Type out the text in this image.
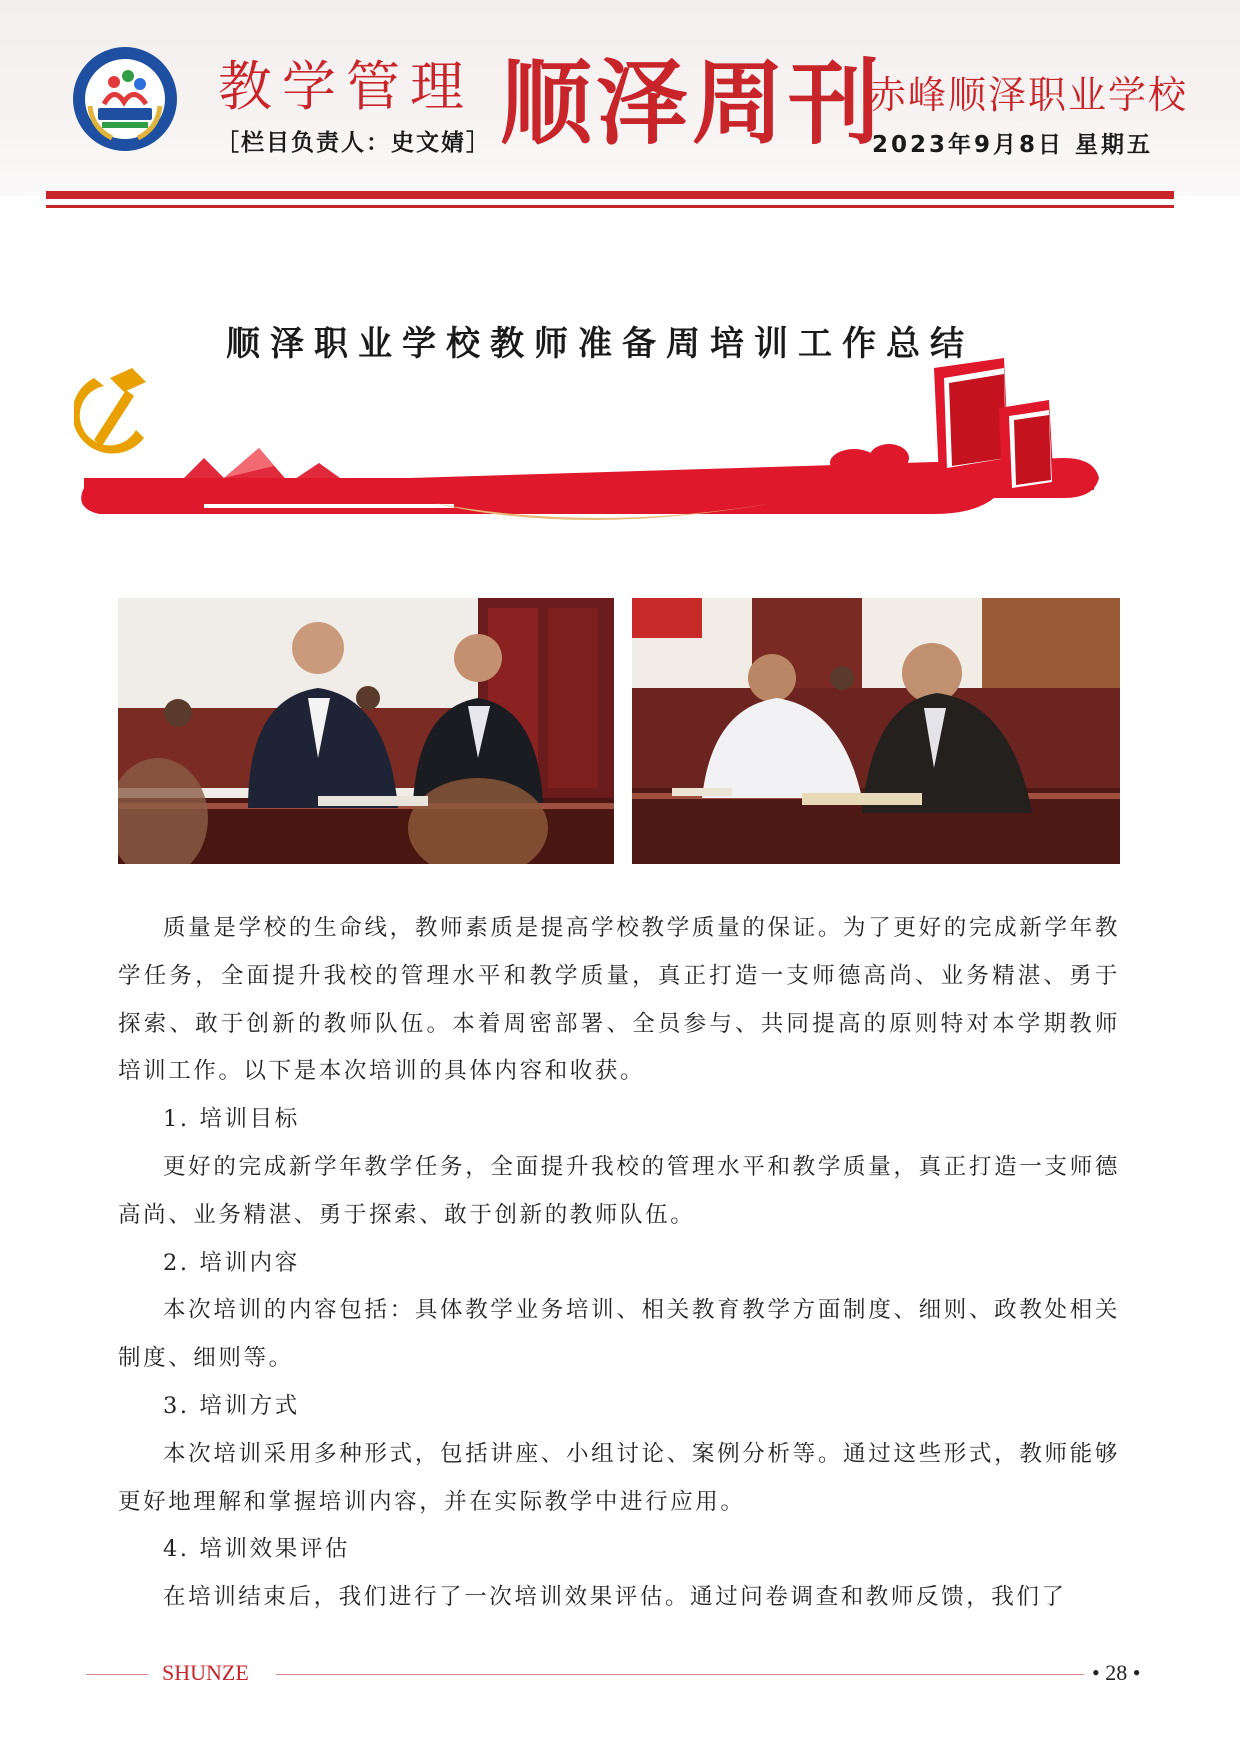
教学管理
［栏目负责人：史文婧］ 顺泽周刊
赤峰顺泽职业学校
2023年9月8日 星期五
顺泽职业学校教师准备周培训工作总结

质量是学校的生命线，教师素质是提高学校教学质量的保证。为了更好的完成新学年教学任务，全面提升我校的管理水平和教学质量，真正打造一支师德高尚、业务精湛、勇于探索、敢于创新的教师队伍。本着周密部署、全员参与、共同提高的原则特对本学期教师培训工作。以下是本次培训的具体内容和收获。

1. 培训目标

更好的完成新学年教学任务，全面提升我校的管理水平和教学质量，真正打造一支师德高尚、业务精湛、勇于探索、敢于创新的教师队伍。

2. 培训内容

本次培训的内容包括：具体教学业务培训、相关教育教学方面制度、细则、政教处相关制度、细则等。

3. 培训方式

本次培训采用多种形式，包括讲座、小组讨论、案例分析等。通过这些形式，教师能够更好地理解和掌握培训内容，并在实际教学中进行应用。

4. 培训效果评估

在培训结束后，我们进行了一次培训效果评估。通过问卷调查和教师反馈，我们了

SHUNZE	• 28 •
